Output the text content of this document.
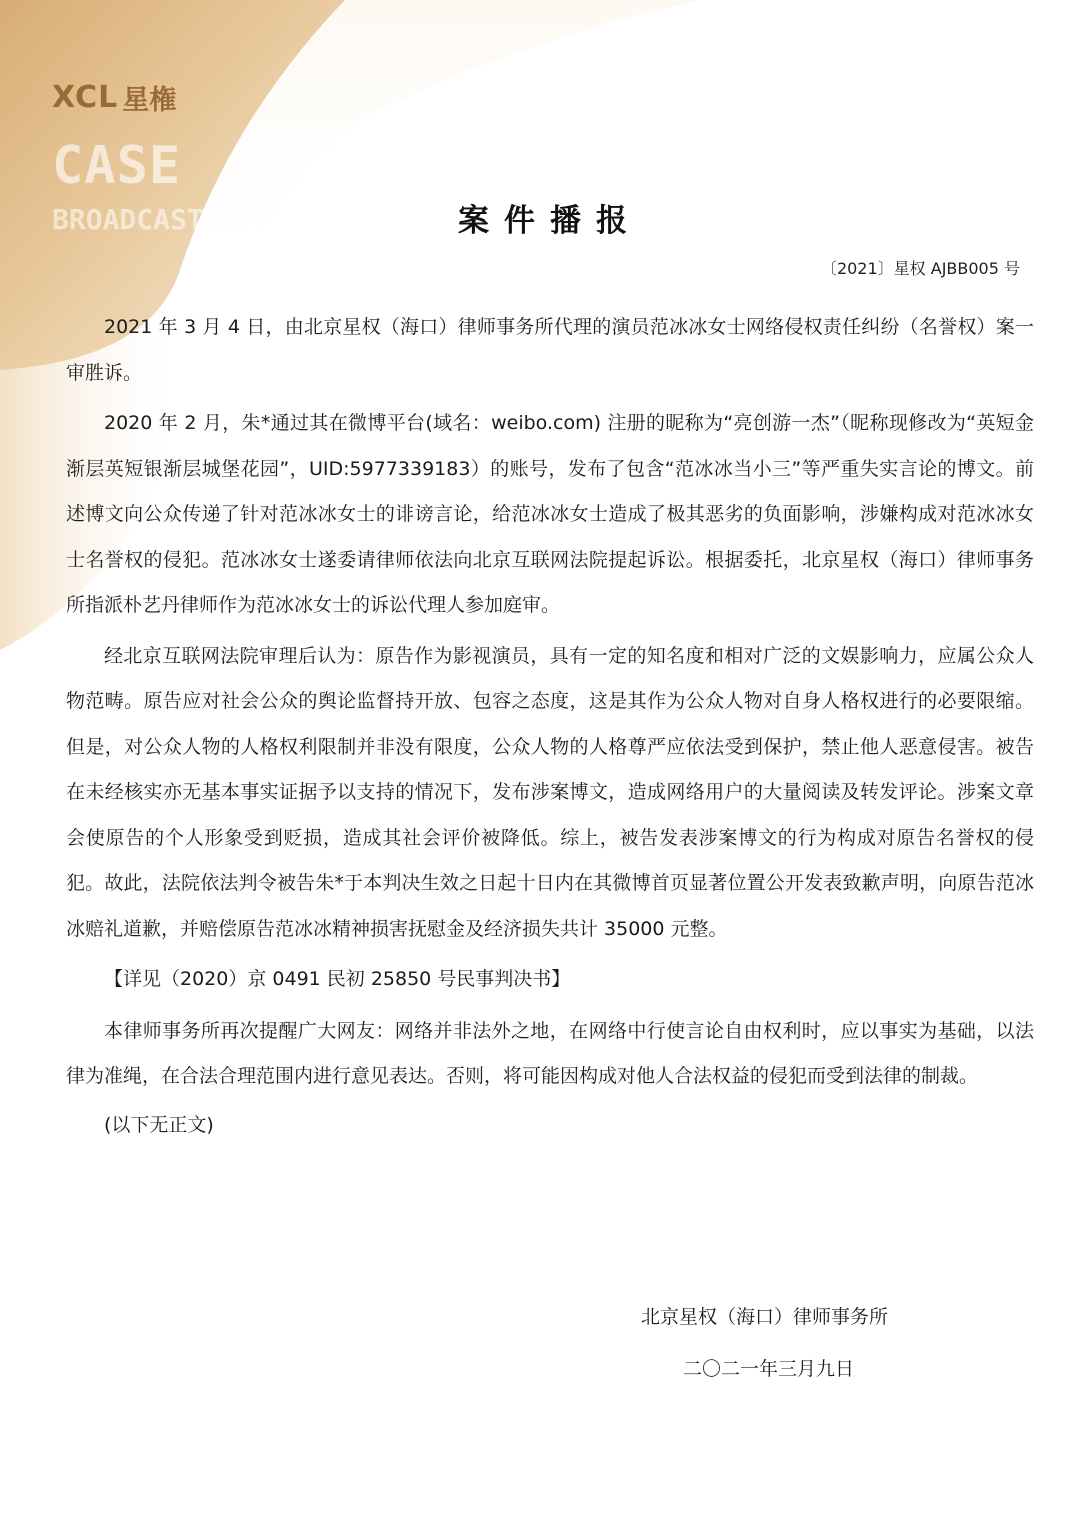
XCL 星権
CASE
BROADCAST	案件播报
〔2021〕星权 AJBB005 号

2021 年 3 月 4 日，由北京星权（海口）律师事务所代理的演员范冰冰女士网络侵权责任纠纷（名誉权）案一审胜诉。

2020 年 2 月，朱*通过其在微博平台(域名：weibo.com) 注册的昵称为“亮创游一杰”（昵称现修改为“英短金渐层英短银渐层城堡花园”，UID:5977339183）的账号，发布了包含“范冰冰当小三”等严重失实言论的博文。前述博文向公众传递了针对范冰冰女士的诽谤言论，给范冰冰女士造成了极其恶劣的负面影响，涉嫌构成对范冰冰女士名誉权的侵犯。范冰冰女士遂委请律师依法向北京互联网法院提起诉讼。根据委托，北京星权（海口）律师事务所指派朴艺丹律师作为范冰冰女士的诉讼代理人参加庭审。

经北京互联网法院审理后认为：原告作为影视演员，具有一定的知名度和相对广泛的文娱影响力，应属公众人物范畴。原告应对社会公众的舆论监督持开放、包容之态度，这是其作为公众人物对自身人格权进行的必要限缩。但是，对公众人物的人格权利限制并非没有限度，公众人物的人格尊严应依法受到保护，禁止他人恶意侵害。被告在未经核实亦无基本事实证据予以支持的情况下，发布涉案博文，造成网络用户的大量阅读及转发评论。涉案文章会使原告的个人形象受到贬损，造成其社会评价被降低。综上，被告发表涉案博文的行为构成对原告名誉权的侵犯。故此，法院依法判令被告朱*于本判决生效之日起十日内在其微博首页显著位置公开发表致歉声明，向原告范冰冰赔礼道歉，并赔偿原告范冰冰精神损害抚慰金及经济损失共计 35000 元整。

【详见（2020）京 0491 民初 25850 号民事判决书】

本律师事务所再次提醒广大网友：网络并非法外之地，在网络中行使言论自由权利时，应以事实为基础，以法律为准绳，在合法合理范围内进行意见表达。否则，将可能因构成对他人合法权益的侵犯而受到法律的制裁。

(以下无正文)

北京星权（海口）律师事务所
二〇二一年三月九日
